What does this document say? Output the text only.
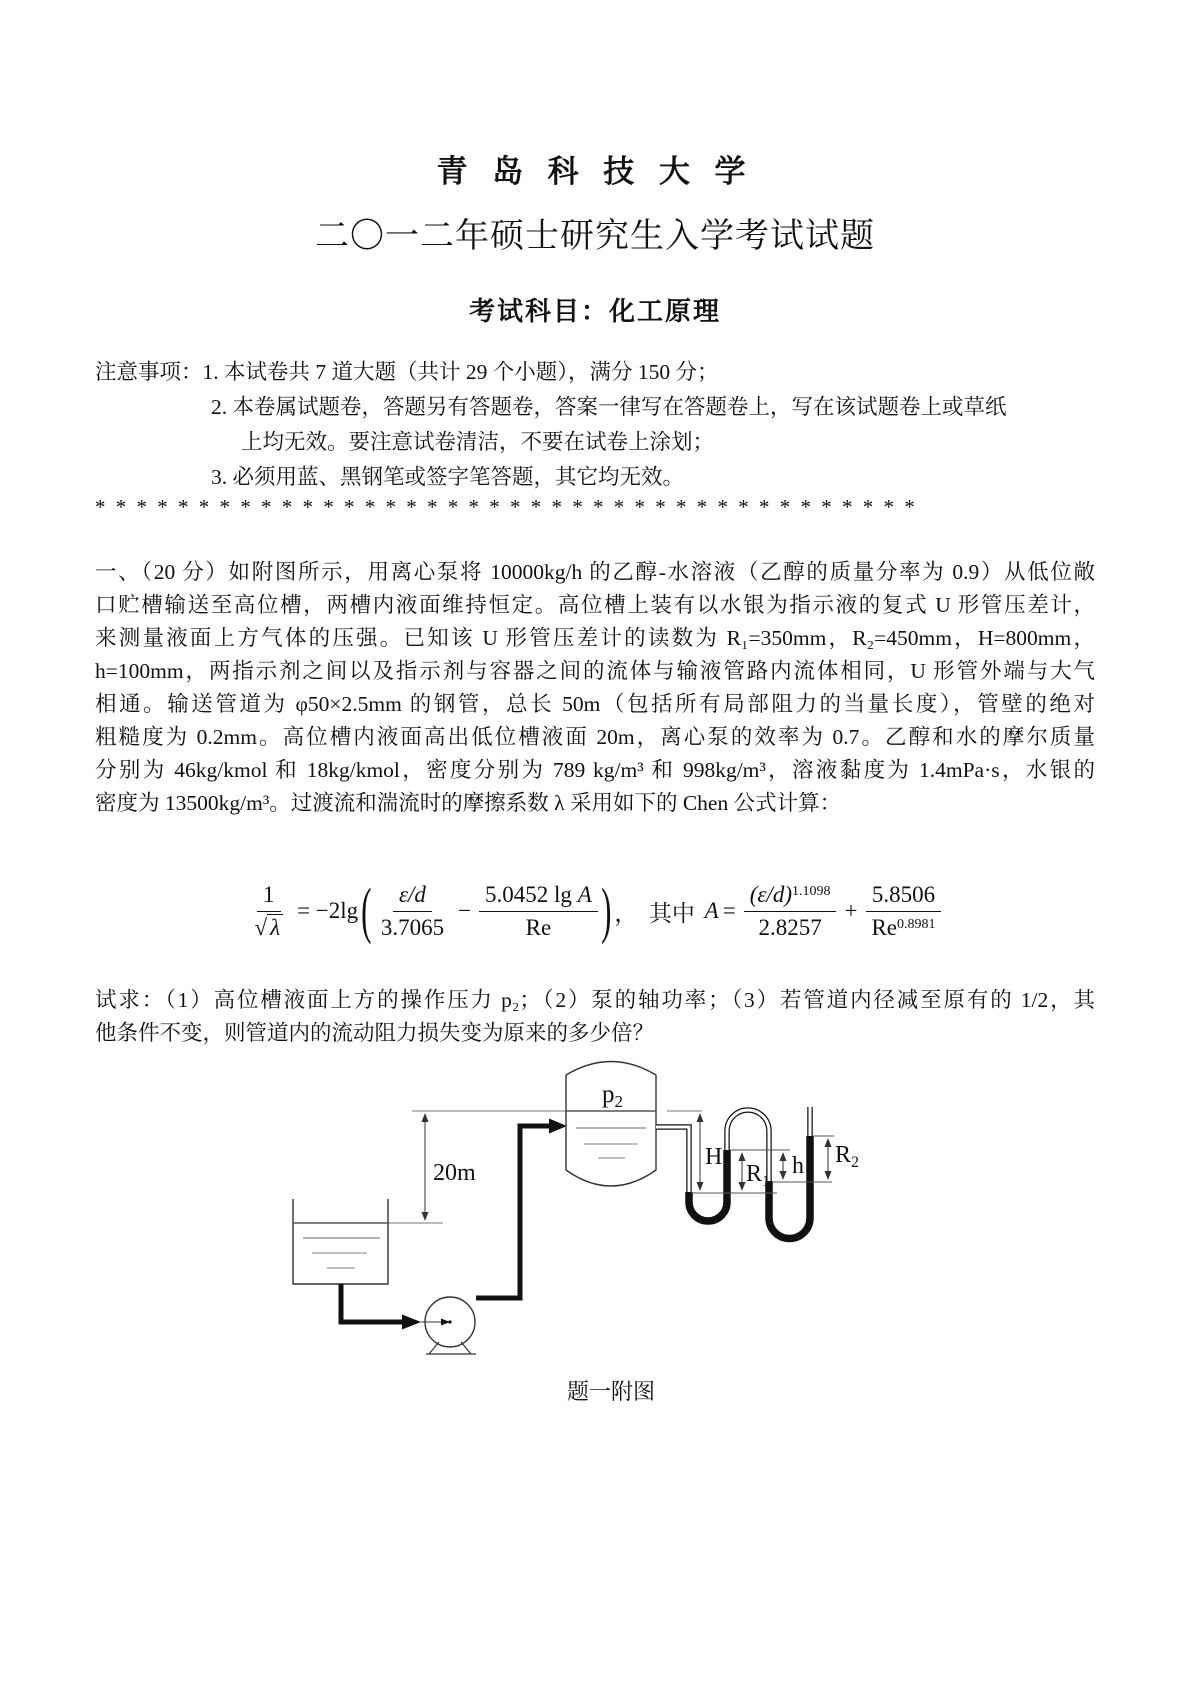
青 岛 科 技 大 学
二〇一二年硕士研究生入学考试试题
考试科目：化工原理
注意事项：1. 本试卷共 7 道大题（共计 29 个小题），满分 150 分；
2. 本卷属试题卷，答题另有答题卷，答案一律写在答题卷上，写在该试题卷上或草纸
上均无效。要注意试卷清洁，不要在试卷上涂划；
3. 必须用蓝、黑钢笔或签字笔答题，其它均无效。
* * * * * * * * * * * * * * * * * * * * * * * * * * * * * * * * * * * * * * * *
一、（20 分）如附图所示，用离心泵将 10000kg/h 的乙醇-水溶液（乙醇的质量分率为 0.9）从低位敞
口贮槽输送至高位槽，两槽内液面维持恒定。高位槽上装有以水银为指示液的复式 U 形管压差计，
来测量液面上方气体的压强。已知该 U 形管压差计的读数为 R₁=350mm，R₂=450mm，H=800mm，
h=100mm，两指示剂之间以及指示剂与容器之间的流体与输液管路内流体相同，U 形管外端与大气
相通。输送管道为 φ50×2.5mm 的钢管，总长 50m（包括所有局部阻力的当量长度），管壁的绝对
粗糙度为 0.2mm。高位槽内液面高出低位槽液面 20m，离心泵的效率为 0.7。乙醇和水的摩尔质量
分别为 46kg/kmol 和 18kg/kmol，密度分别为 789 kg/m³ 和 998kg/m³，溶液黏度为 1.4mPa·s，水银的
密度为 13500kg/m³。过渡流和湍流时的摩擦系数 λ 采用如下的 Chen 公式计算：
$\frac{1}{√ \lambda} = -2\lg$ ( $\frac{\varepsilon/d}{3.7065} - \frac{\text{5.0452 lg A}}{Re}$ ) ，  其中 $A = \frac{(\varepsilon/d)^{1.1098}}{2.8257} + \frac{5.8506}{Re^{0.8981}}$
试求：（1）高位槽液面上方的操作压力 p₂；（2）泵的轴功率；（3）若管道内径减至原有的 1/2，其
他条件不变，则管道内的流动阻力损失变为原来的多少倍？
20m
$p_2$
H
$R_1$
h $R_2$
题一附图
